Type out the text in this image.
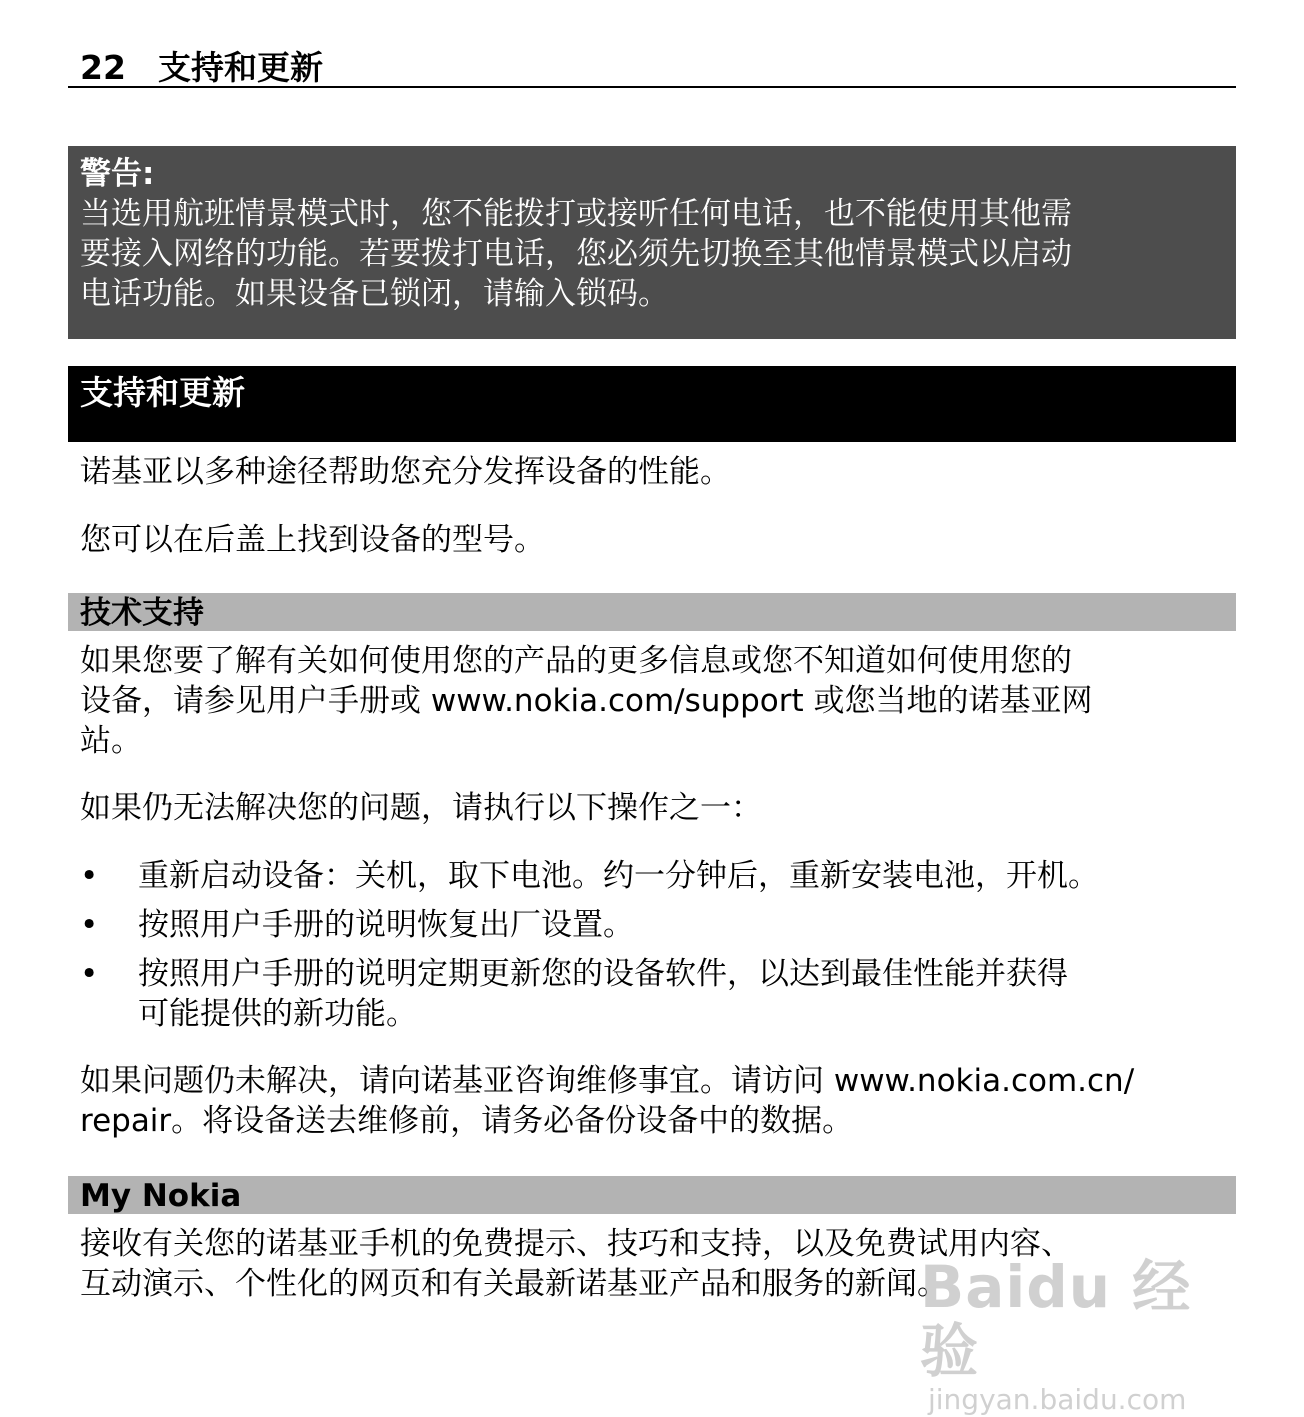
22 支持和更新
警告:
当选用航班情景模式时，您不能拨打或接听任何电话，也不能使用其他需
要接入网络的功能。若要拨打电话，您必须先切换至其他情景模式以启动
电话功能。如果设备已锁闭，请输入锁码。
支持和更新

诺基亚以多种途径帮助您充分发挥设备的性能。

您可以在后盖上找到设备的型号。

技术支持
如果您要了解有关如何使用您的产品的更多信息或您不知道如何使用您的
设备，请参见用户手册或 www.nokia.com/support 或您当地的诺基亚网
站。

如果仍无法解决您的问题，请执行以下操作之一：

• 重新启动设备：关机，取下电池。约一分钟后，重新安装电池，开机。
• 按照用户手册的说明恢复出厂设置。
• 按照用户手册的说明定期更新您的设备软件，以达到最佳性能并获得
可能提供的新功能。
如果问题仍未解决，请向诺基亚咨询维修事宜。请访问 www.nokia.com.cn/
repair。将设备送去维修前，请务必备份设备中的数据。
My Nokia
接收有关您的诺基亚手机的免费提示、技巧和支持，以及免费试用内容、
互动演示、个性化的网页和有关最新诺基亚产品和服务的新闻。
Baidu 经验
jingyan.baidu.com
